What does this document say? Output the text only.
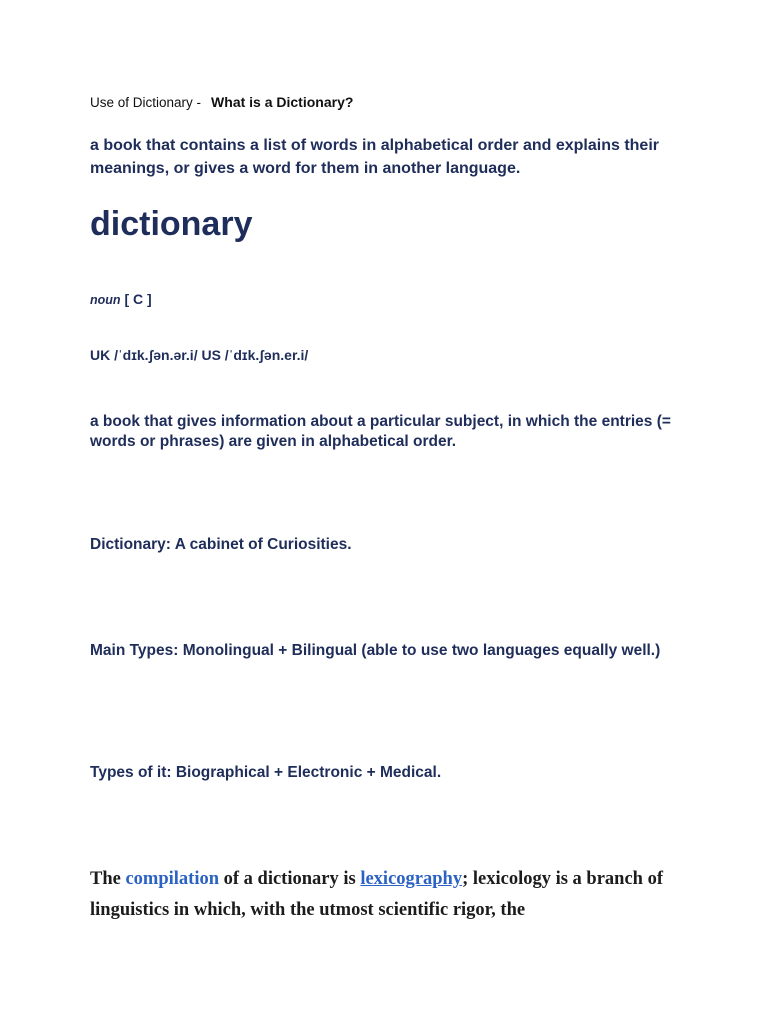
Use of Dictionary - What is a Dictionary?

a book that contains a list of words in alphabetical order and explains their meanings, or gives a word for them in another language.

dictionary

noun [ C ]

UK /ˈdɪk.ʃən.ər.i/ US /ˈdɪk.ʃən.er.i/

a book that gives information about a particular subject, in which the entries (= words or phrases) are given in alphabetical order.

Dictionary: A cabinet of Curiosities.

Main Types: Monolingual + Bilingual (able to use two languages equally well.)

Types of it: Biographical + Electronic + Medical.

The compilation of a dictionary is lexicography; lexicology is a branch of linguistics in which, with the utmost scientific rigor, the
